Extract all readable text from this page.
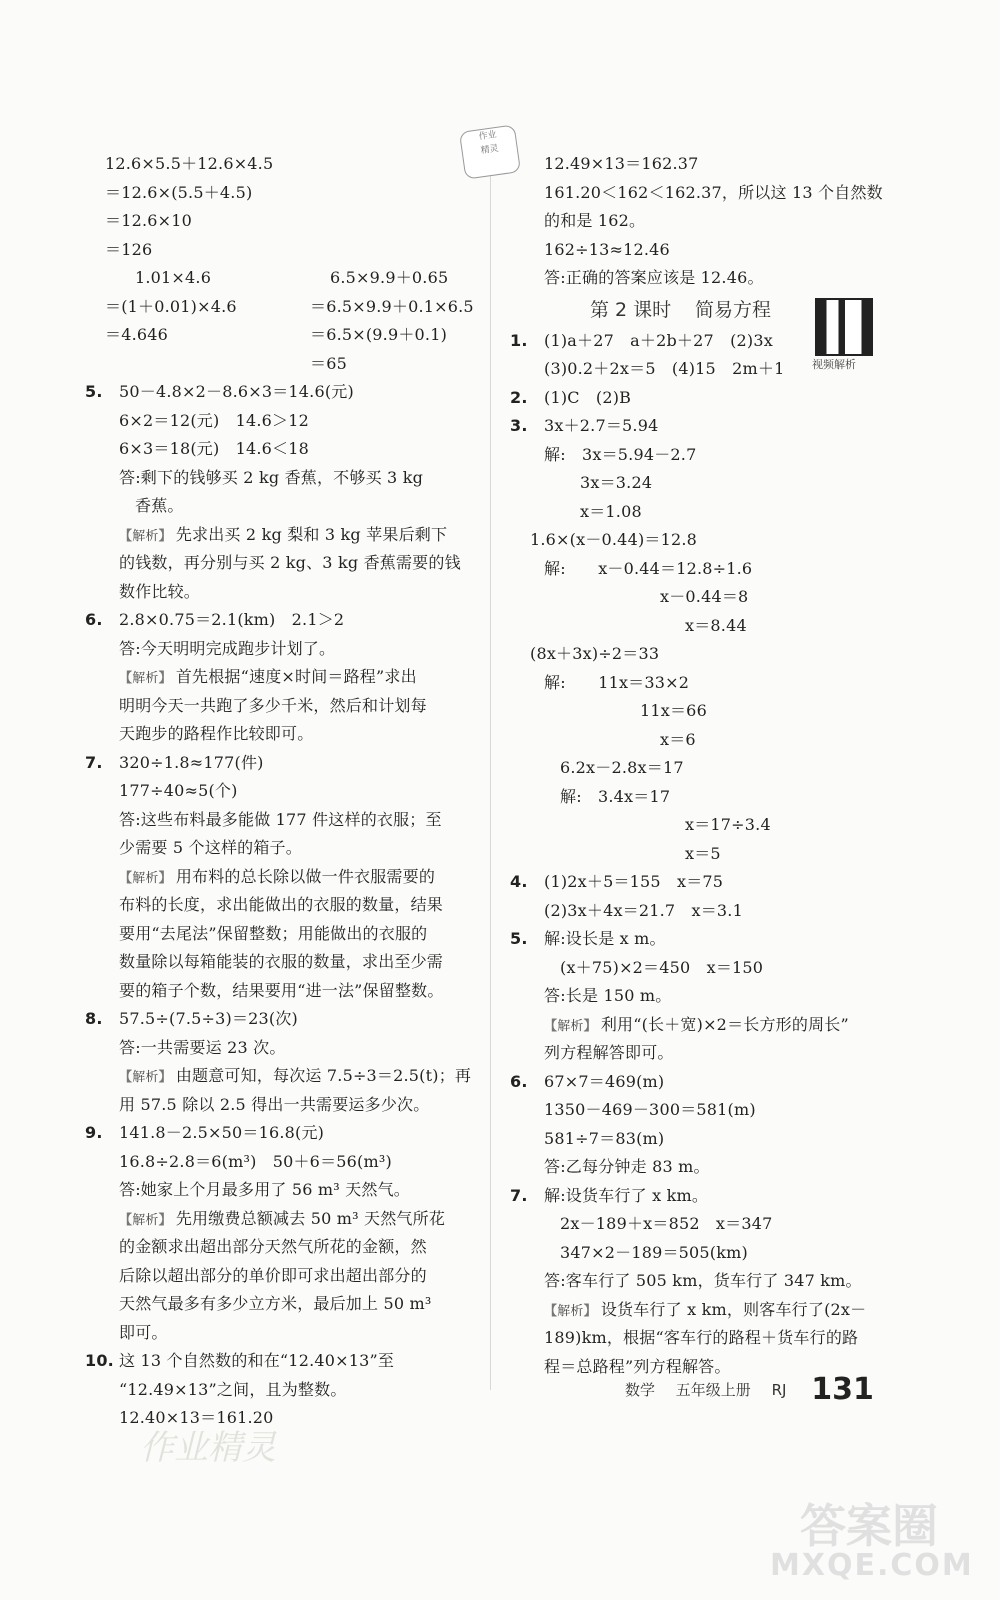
作业
精灵
12.6×5.5＋12.6×4.5
＝12.6×(5.5＋4.5)
＝12.6×10
＝126
1.01×4.6	6.5×9.9＋0.65
＝(1＋0.01)×4.6	＝6.5×9.9＋0.1×6.5
＝4.646	＝6.5×(9.9＋0.1)
＝65
5. 50－4.8×2－8.6×3＝14.6(元)
6×2＝12(元)　14.6＞12
6×3＝18(元)　14.6＜18
答:剩下的钱够买 2 kg 香蕉，不够买 3 kg
香蕉。
【解析】 先求出买 2 kg 梨和 3 kg 苹果后剩下
的钱数，再分别与买 2 kg、3 kg 香蕉需要的钱
数作比较。
6. 2.8×0.75＝2.1(km)　2.1＞2
答:今天明明完成跑步计划了。
【解析】 首先根据“速度×时间＝路程”求出
明明今天一共跑了多少千米，然后和计划每
天跑步的路程作比较即可。
7. 320÷1.8≈177(件)
177÷40≈5(个)
答:这些布料最多能做 177 件这样的衣服；至
少需要 5 个这样的箱子。
【解析】 用布料的总长除以做一件衣服需要的
布料的长度，求出能做出的衣服的数量，结果
要用“去尾法”保留整数；用能做出的衣服的
数量除以每箱能装的衣服的数量，求出至少需
要的箱子个数，结果要用“进一法”保留整数。
8. 57.5÷(7.5÷3)＝23(次)
答:一共需要运 23 次。
【解析】 由题意可知，每次运 7.5÷3＝2.5(t)；再
用 57.5 除以 2.5 得出一共需要运多少次。
9. 141.8－2.5×50＝16.8(元)
16.8÷2.8＝6(m³)　50＋6＝56(m³)
答:她家上个月最多用了 56 m³ 天然气。
【解析】 先用缴费总额减去 50 m³ 天然气所花
的金额求出超出部分天然气所花的金额，然
后除以超出部分的单价即可求出超出部分的
天然气最多有多少立方米，最后加上 50 m³
即可。
10. 这 13 个自然数的和在“12.40×13”至
“12.49×13”之间，且为整数。
12.40×13＝161.20
12.49×13＝162.37
161.20＜162＜162.37，所以这 13 个自然数
的和是 162。
162÷13≈12.46
答:正确的答案应该是 12.46。
第 2 课时 简易方程
1. (1)a＋27　a＋2b＋27　(2)3x
(3)0.2＋2x＝5　(4)15　2m＋1
2. (1)C　(2)B
3. 3x＋2.7＝5.94
解:　3x＝5.94－2.7
3x＝3.24
x＝1.08
1.6×(x－0.44)＝12.8
解:　　x－0.44＝12.8÷1.6
x－0.44＝8
x＝8.44
(8x＋3x)÷2＝33
解:　　11x＝33×2
11x＝66
x＝6
6.2x－2.8x＝17
解:　3.4x＝17
x＝17÷3.4
x＝5
4. (1)2x＋5＝155　x＝75
(2)3x＋4x＝21.7　x＝3.1
5. 解:设长是 x m。
(x＋75)×2＝450　x＝150
答:长是 150 m。
【解析】 利用“(长＋宽)×2＝长方形的周长”
列方程解答即可。
6. 67×7＝469(m)
1350－469－300＝581(m)
581÷7＝83(m)
答:乙每分钟走 83 m。
7. 解:设货车行了 x km。
2x－189＋x＝852　x＝347
347×2－189＝505(km)
答:客车行了 505 km，货车行了 347 km。
【解析】 设货车行了 x km，则客车行了(2x－
189)km，根据“客车行的路程＋货车行的路
程＝总路程”列方程解答。
视频解析
数学 五年级上册 RJ 131
作业精灵
答案圈
MXQE.COM
